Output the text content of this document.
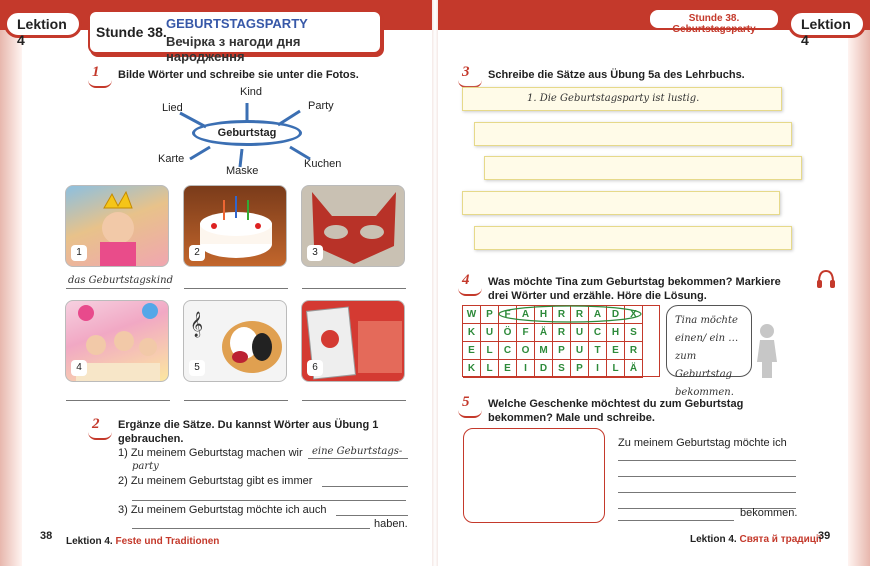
Lektion 4
Lektion 4
Stunde 38.
GEBURTSTAGSPARTY
Вечірка з нагоди дня народження
Stunde 38. Geburtstagsparty
1	Bilde Wörter und schreibe sie unter die Fotos.
Kind
Lied	Party
Geburtstag
Karte
Maske
Kuchen
1	2	3
das Geburtstagskind
4
𝄞
5	6
2	Ergänze die Sätze. Du kannst Wörter aus Übung 1 gebrauchen.
1) Zu meinem Geburtstag machen wir eine Geburtstags-
party
2) Zu meinem Geburtstag gibt es immer
3) Zu meinem Geburtstag möchte ich auch
haben.
3	Schreibe die Sätze aus Übung 5a des Lehrbuchs.
1. Die Geburtstagsparty ist lustig.
4	Was möchte Tina zum Geburtstag bekommen? Markiere drei Wörter und erzähle. Höre die Lösung.
W P	F	A	H	R	R	A	D	X
K	U	Ö	F	Ä	R	U	C	H	S
E	L	C	O M	P	U	T	E	R
K	L	E	I	D	S	P	I	L	Ä
Tina möchte einen/ ein … zum Geburtstag bekommen.
5	Welche Geschenke möchtest du zum Geburtstag bekommen? Male und schreibe.
Zu meinem Geburtstag möchte ich
bekommen.
38 Lektion 4. Feste und Traditionen	Lektion 4. Свята й традиції
39
